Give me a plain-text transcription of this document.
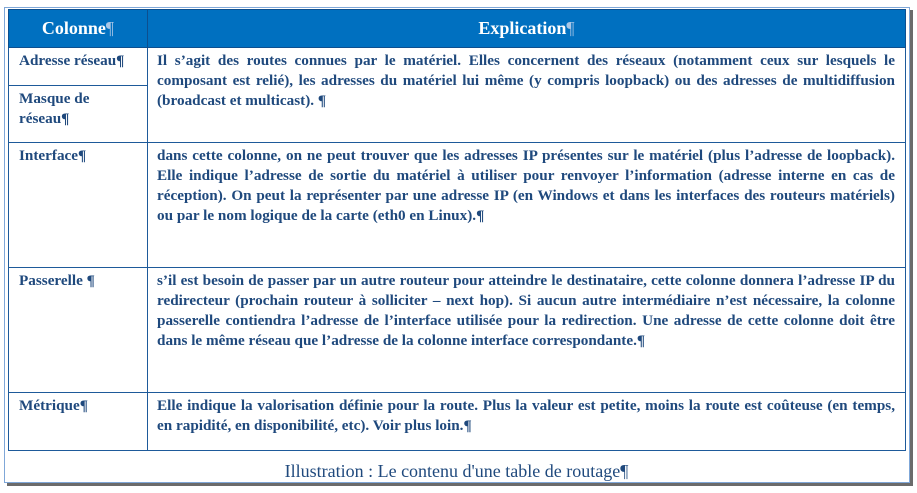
Colonne¶	Explication¶
Adresse réseau¶	Il s’agit des routes connues par le matériel. Elles concernent des réseaux (notamment ceux sur lesquels le composant est relié), les adresses du matériel lui même (y compris loopback) ou des adresses de multidiffusion (broadcast et multicast). ¶
Masque de réseau¶	
Interface¶	dans cette colonne, on ne peut trouver que les adresses IP présentes sur le matériel (plus l’adresse de loopback). Elle indique l’adresse de sortie du matériel à utiliser pour renvoyer l’information (adresse interne en cas de réception). On peut la représenter par une adresse IP (en Windows et dans les interfaces des routeurs matériels) ou par le nom logique de la carte (eth0 en Linux).¶
Passerelle ¶	s’il est besoin de passer par un autre routeur pour atteindre le destinataire, cette colonne donnera l’adresse IP du redirecteur (prochain routeur à solliciter – next hop). Si aucun autre intermédiaire n’est nécessaire, la colonne passerelle contiendra l’adresse de l’interface utilisée pour la redirection. Une adresse de cette colonne doit être dans le même réseau que l’adresse de la colonne interface correspondante.¶
Métrique¶	Elle indique la valorisation définie pour la route. Plus la valeur est petite, moins la route est coûteuse (en temps, en rapidité, en disponibilité, etc). Voir plus loin.¶
Illustration : Le contenu d'une table de routage¶
